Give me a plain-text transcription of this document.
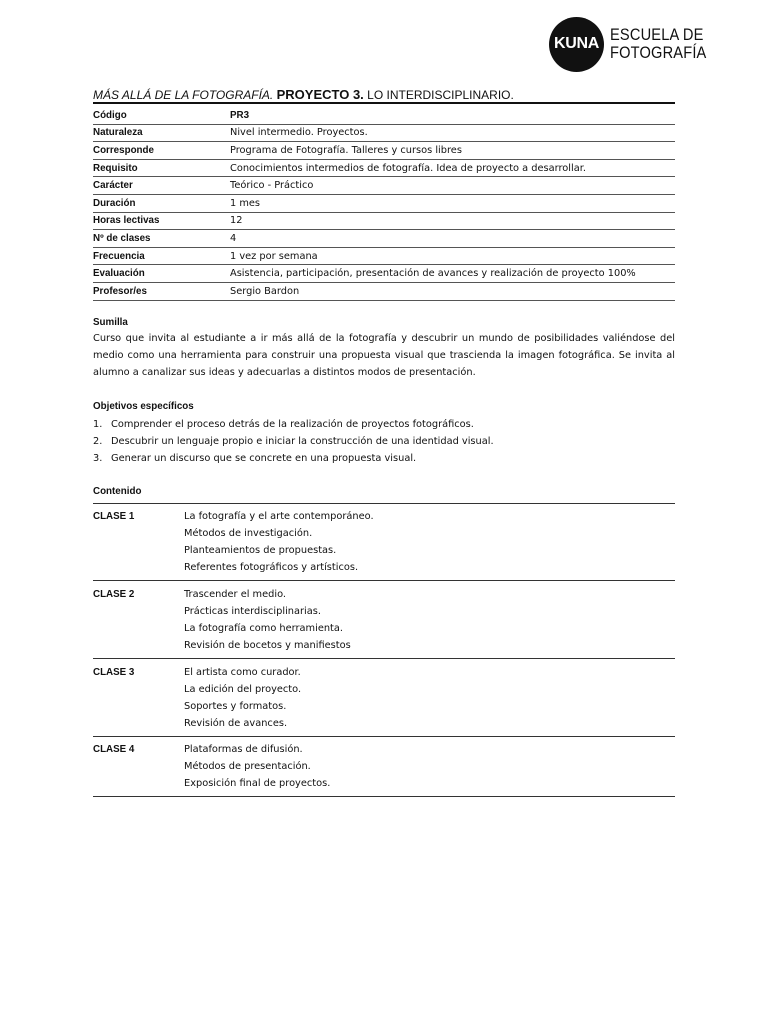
KUNA ESCUELA DE
FOTOGRAFÍA
MÁS ALLÁ DE LA FOTOGRAFÍA. PROYECTO 3. LO INTERDISCIPLINARIO.
Código	PR3
Naturaleza	Nivel intermedio. Proyectos.
Corresponde	Programa de Fotografía. Talleres y cursos libres
Requisito	Conocimientos intermedios de fotografía. Idea de proyecto a desarrollar.
Carácter	Teórico - Práctico
Duración	1 mes
Horas lectivas	12
Nº de clases	4
Frecuencia	1 vez por semana
Evaluación	Asistencia, participación, presentación de avances y realización de proyecto 100%
Profesor/es	Sergio Bardon
Sumilla
Curso que invita al estudiante a ir más allá de la fotografía y descubrir un mundo de posibilidades valiéndose del medio como una herramienta para construir una propuesta visual que trascienda la imagen fotográfica. Se invita al alumno a canalizar sus ideas y adecuarlas a distintos modos de presentación.
Objetivos específicos
1. Comprender el proceso detrás de la realización de proyectos fotográficos.
2. Descubrir un lenguaje propio e iniciar la construcción de una identidad visual.
3. Generar un discurso que se concrete en una propuesta visual.
Contenido
CLASE 1	La fotografía y el arte contemporáneo.
Métodos de investigación.
Planteamientos de propuestas.
Referentes fotográficos y artísticos.
CLASE 2	Trascender el medio.
Prácticas interdisciplinarias.
La fotografía como herramienta.
Revisión de bocetos y manifiestos
CLASE 3	El artista como curador.
La edición del proyecto.
Soportes y formatos.
Revisión de avances.
CLASE 4	Plataformas de difusión.
Métodos de presentación.
Exposición final de proyectos.
